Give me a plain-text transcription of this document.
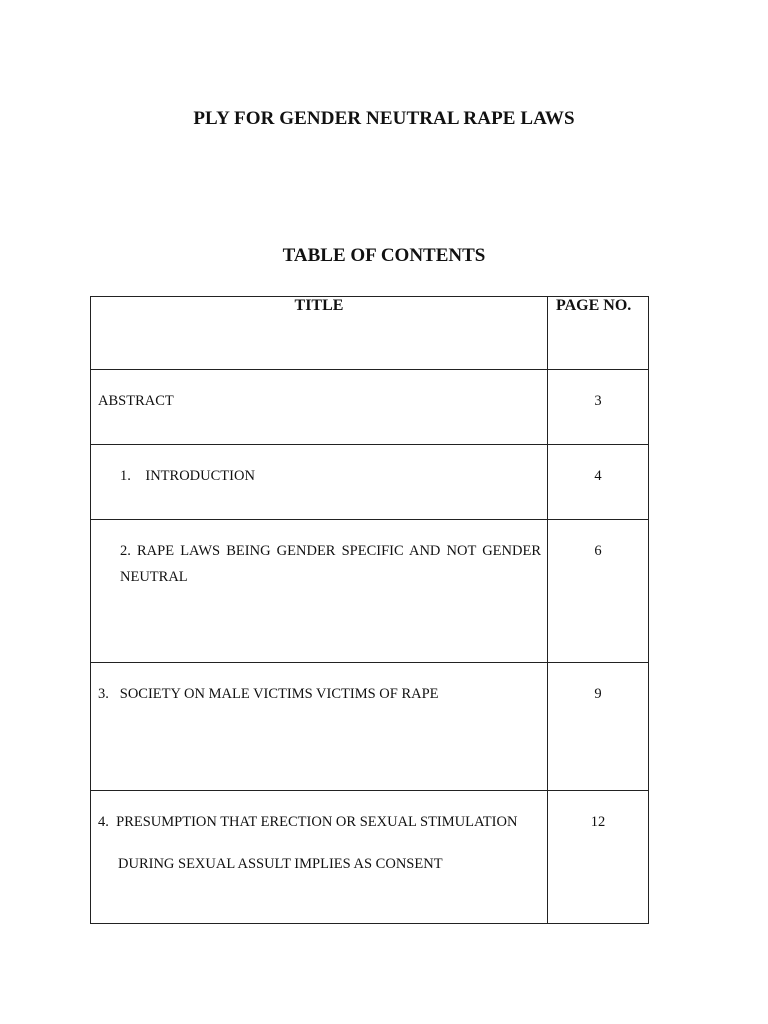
PLY FOR GENDER NEUTRAL RAPE LAWS
TABLE OF CONTENTS
TITLE	PAGE NO.
ABSTRACT	3
1. INTRODUCTION	4
2. RAPE LAWS BEING GENDER SPECIFIC AND NOT GENDER NEUTRAL	6
3. SOCIETY ON MALE VICTIMS VICTIMS OF RAPE	9
4. PRESUMPTION THAT ERECTION OR SEXUAL STIMULATION
DURING SEXUAL ASSULT IMPLIES AS CONSENT	12
